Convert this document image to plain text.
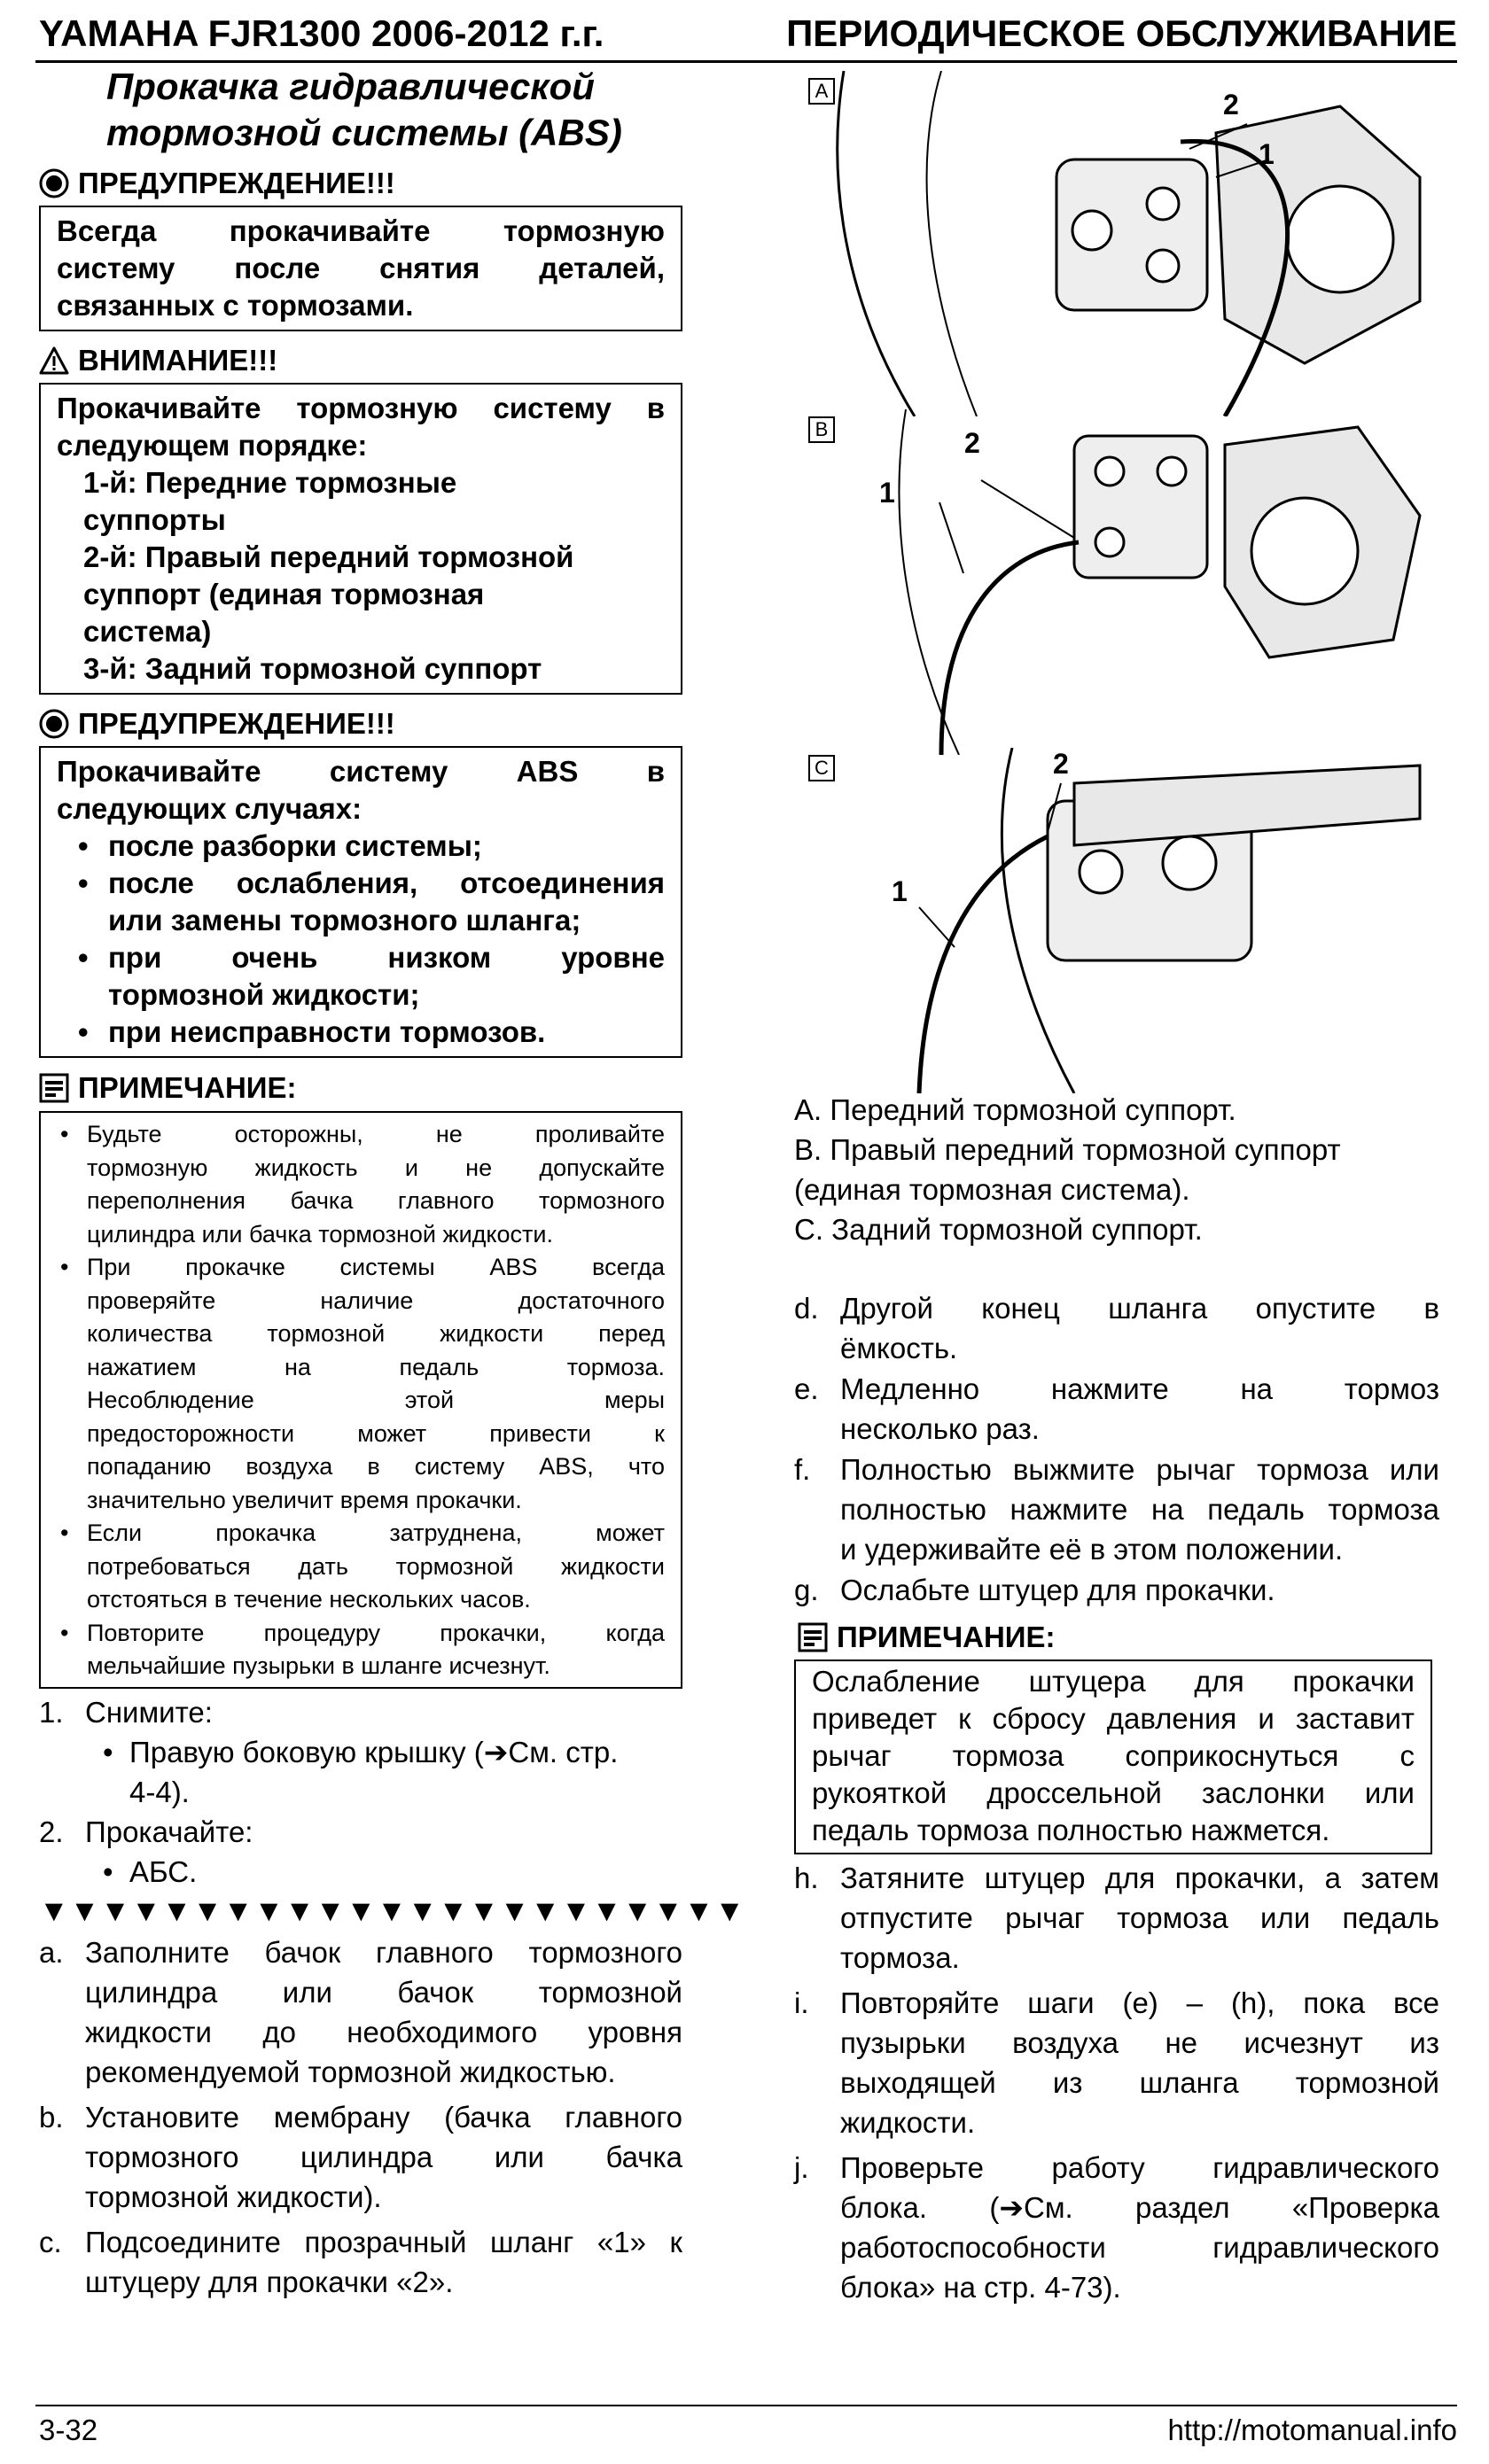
YAMAHA FJR1300 2006-2012 г.г.	ПЕРИОДИЧЕСКОЕ ОБСЛУЖИВАНИЕ
Прокачка гидравлической
тормозной системы (ABS)
ПРЕДУПРЕЖДЕНИЕ!!!
Всегда прокачивайте тормозную
систему после снятия деталей,
связанных с тормозами.
ВНИМАНИЕ!!!
Прокачивайте тормозную систему в
следующем порядке:
1-й: Передние тормозные
суппорты
2-й: Правый передний тормозной
суппорт (единая тормозная
система)
3-й: Задний тормозной суппорт
ПРЕДУПРЕЖДЕНИЕ!!!
Прокачивайте систему ABS в
следующих случаях:
• после разборки системы;
• после ослабления, отсоединения
или замены тормозного шланга;
• при очень низком уровне
тормозной жидкости;
• при неисправности тормозов.
ПРИМЕЧАНИЕ:
• Будьте осторожны, не проливайте
тормозную жидкость и не допускайте
переполнения бачка главного тормозного
цилиндра или бачка тормозной жидкости.
• При прокачке системы ABS всегда
проверяйте наличие достаточного
количества тормозной жидкости перед
нажатием на педаль тормоза.
Несоблюдение этой меры
предосторожности может привести к
попаданию воздуха в систему ABS, что
значительно увеличит время прокачки.
• Если прокачка затруднена, может
потребоваться дать тормозной жидкости
отстояться в течение нескольких часов.
• Повторите процедуру прокачки, когда
мельчайшие пузырьки в шланге исчезнут.
1. Снимите:
• Правую боковую крышку (➔См. стр.
4-4).
2. Прокачайте:
• АБС.
▼▼▼▼▼▼▼▼▼▼▼▼▼▼▼▼▼▼▼▼▼▼▼
a. Заполните бачок главного тормозного
цилиндра или бачок тормозной
жидкости до необходимого уровня
рекомендуемой тормозной жидкостью.
b. Установите мембрану (бачка главного
тормозного цилиндра или бачка
тормозной жидкости).
c. Подсоедините прозрачный шланг «1» к
штуцеру для прокачки «2».
A	2
1
B	2
1
C	2
1
A. Передний тормозной суппорт.
B. Правый передний тормозной суппорт
(единая тормозная система).
C. Задний тормозной суппорт.
d. Другой конец шланга опустите в
ёмкость.
e. Медленно нажмите на тормоз
несколько раз.
f. Полностью выжмите рычаг тормоза или
полностью нажмите на педаль тормоза
и удерживайте её в этом положении.
g. Ослабьте штуцер для прокачки.
ПРИМЕЧАНИЕ:
Ослабление штуцера для прокачки
приведет к сбросу давления и заставит
рычаг тормоза соприкоснуться с
рукояткой дроссельной заслонки или
педаль тормоза полностью нажмется.
h. Затяните штуцер для прокачки, а затем
отпустите рычаг тормоза или педаль
тормоза.
i. Повторяйте шаги (e) – (h), пока все
пузырьки воздуха не исчезнут из
выходящей из шланга тормозной
жидкости.
j. Проверьте работу гидравлического
блока. (➔См. раздел «Проверка
работоспособности гидравлического
блока» на стр. 4-73).
3-32	http://motomanual.info
